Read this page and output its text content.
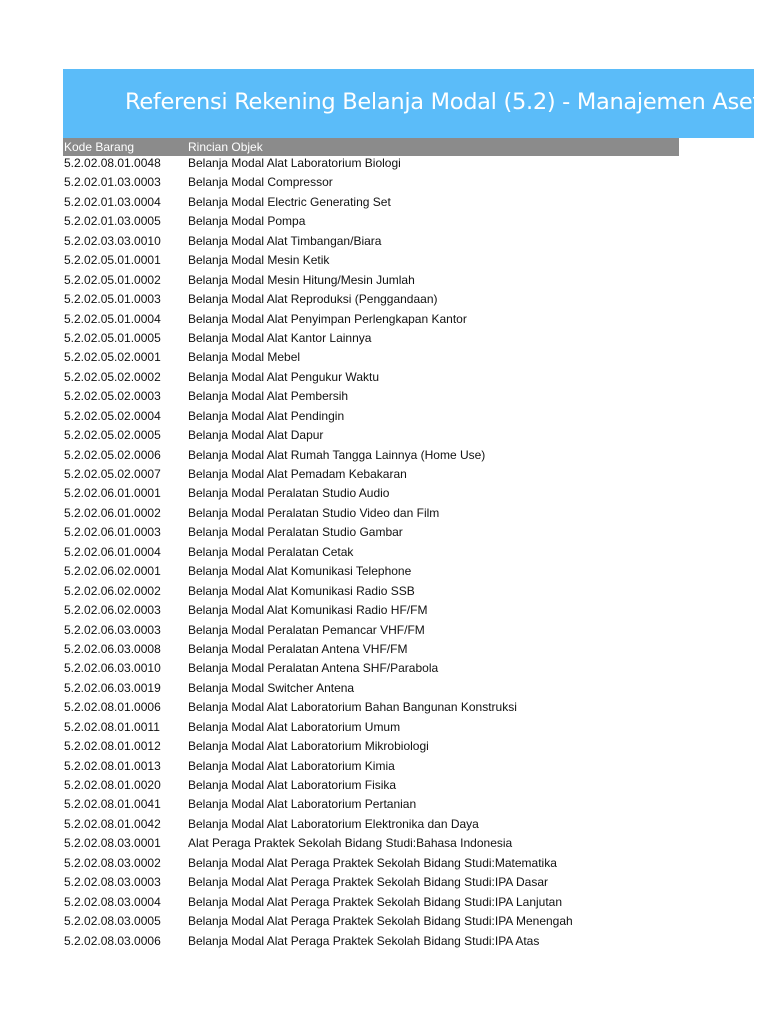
Referensi Rekening Belanja Modal (5.2) - Manajemen Aset
Kode Barang	Rincian Objek
5.2.02.08.01.0048 Belanja Modal Alat Laboratorium Biologi
5.2.02.01.03.0003 Belanja Modal Compressor
5.2.02.01.03.0004 Belanja Modal Electric Generating Set
5.2.02.01.03.0005 Belanja Modal Pompa
5.2.02.03.03.0010 Belanja Modal Alat Timbangan/Biara
5.2.02.05.01.0001 Belanja Modal Mesin Ketik
5.2.02.05.01.0002 Belanja Modal Mesin Hitung/Mesin Jumlah
5.2.02.05.01.0003 Belanja Modal Alat Reproduksi (Penggandaan)
5.2.02.05.01.0004 Belanja Modal Alat Penyimpan Perlengkapan Kantor
5.2.02.05.01.0005 Belanja Modal Alat Kantor Lainnya
5.2.02.05.02.0001 Belanja Modal Mebel
5.2.02.05.02.0002 Belanja Modal Alat Pengukur Waktu
5.2.02.05.02.0003 Belanja Modal Alat Pembersih
5.2.02.05.02.0004 Belanja Modal Alat Pendingin
5.2.02.05.02.0005 Belanja Modal Alat Dapur
5.2.02.05.02.0006 Belanja Modal Alat Rumah Tangga Lainnya (Home Use)
5.2.02.05.02.0007 Belanja Modal Alat Pemadam Kebakaran
5.2.02.06.01.0001 Belanja Modal Peralatan Studio Audio
5.2.02.06.01.0002 Belanja Modal Peralatan Studio Video dan Film
5.2.02.06.01.0003 Belanja Modal Peralatan Studio Gambar
5.2.02.06.01.0004 Belanja Modal Peralatan Cetak
5.2.02.06.02.0001 Belanja Modal Alat Komunikasi Telephone
5.2.02.06.02.0002 Belanja Modal Alat Komunikasi Radio SSB
5.2.02.06.02.0003 Belanja Modal Alat Komunikasi Radio HF/FM
5.2.02.06.03.0003 Belanja Modal Peralatan Pemancar VHF/FM
5.2.02.06.03.0008 Belanja Modal Peralatan Antena VHF/FM
5.2.02.06.03.0010 Belanja Modal Peralatan Antena SHF/Parabola
5.2.02.06.03.0019 Belanja Modal Switcher Antena
5.2.02.08.01.0006 Belanja Modal Alat Laboratorium Bahan Bangunan Konstruksi
5.2.02.08.01.0011 Belanja Modal Alat Laboratorium Umum
5.2.02.08.01.0012 Belanja Modal Alat Laboratorium Mikrobiologi
5.2.02.08.01.0013 Belanja Modal Alat Laboratorium Kimia
5.2.02.08.01.0020 Belanja Modal Alat Laboratorium Fisika
5.2.02.08.01.0041 Belanja Modal Alat Laboratorium Pertanian
5.2.02.08.01.0042 Belanja Modal Alat Laboratorium Elektronika dan Daya
5.2.02.08.03.0001 Alat Peraga Praktek Sekolah Bidang Studi:Bahasa Indonesia
5.2.02.08.03.0002 Belanja Modal Alat Peraga Praktek Sekolah Bidang Studi:Matematika
5.2.02.08.03.0003 Belanja Modal Alat Peraga Praktek Sekolah Bidang Studi:IPA Dasar
5.2.02.08.03.0004 Belanja Modal Alat Peraga Praktek Sekolah Bidang Studi:IPA Lanjutan
5.2.02.08.03.0005 Belanja Modal Alat Peraga Praktek Sekolah Bidang Studi:IPA Menengah
5.2.02.08.03.0006 Belanja Modal Alat Peraga Praktek Sekolah Bidang Studi:IPA Atas
